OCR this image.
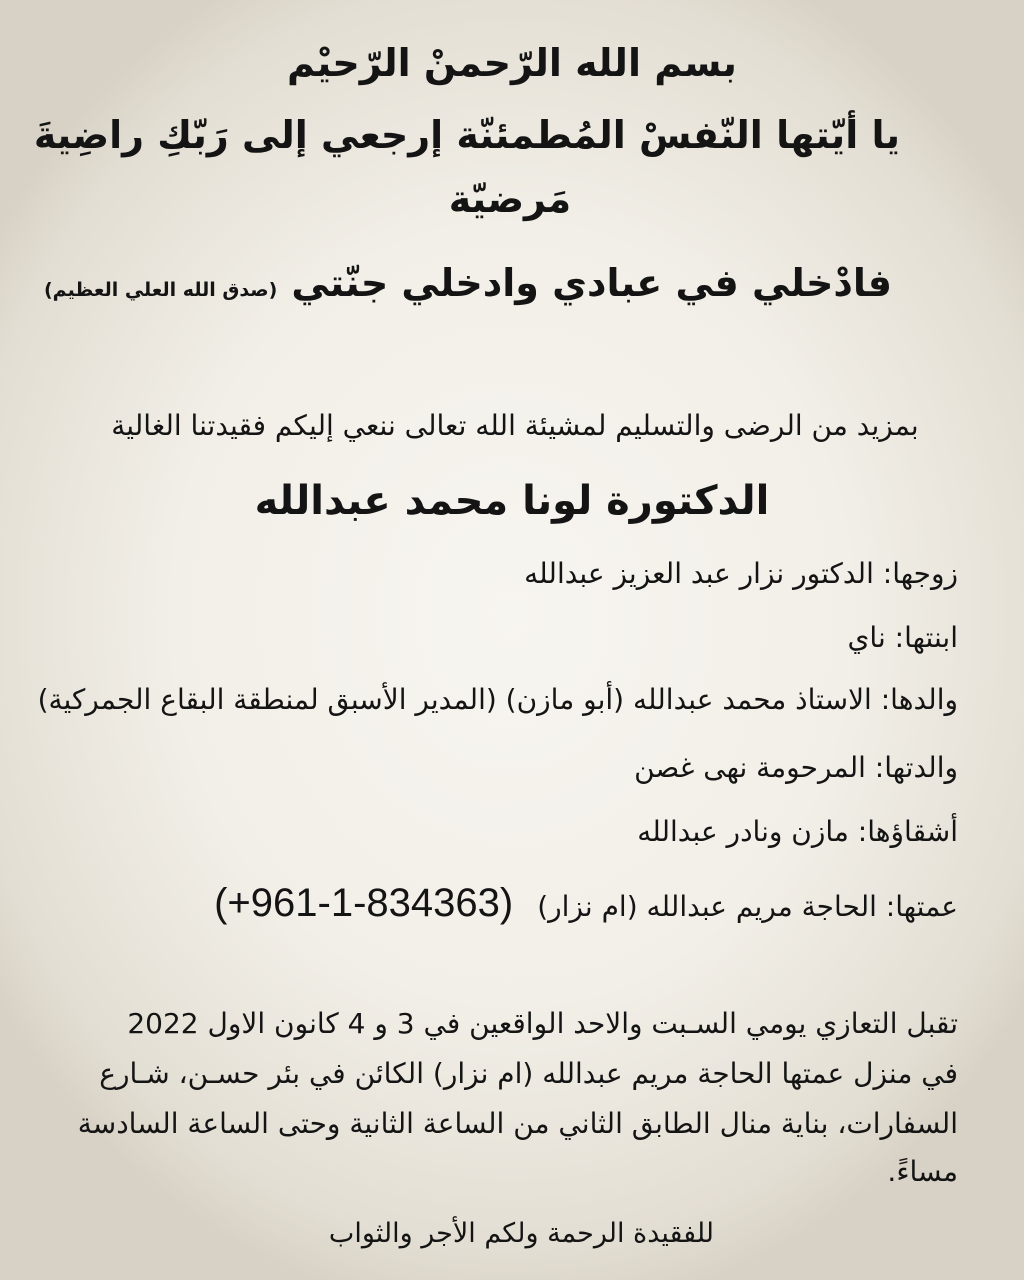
بسم الله الرّحمنْ الرّحيْم

يا أيّتها النّفسْ المُطمئنّة إرجعي إلى رَبّكِ راضِيةَ

مَرضيّة

فادْخلي في عبادي وادخلي جنّتي(صدق الله العلي العظيم)

بمزيد من الرضى والتسليم لمشيئة الله تعالى ننعي إليكم فقيدتنا الغالية

الدكتورة لونا محمد عبدالله

زوجها: الدكتور نزار عبد العزيز عبدالله

ابنتها: ناي

والدها: الاستاذ محمد عبدالله (أبو مازن) (المدير الأسبق لمنطقة البقاع الجمركية)

والدتها: المرحومة نهى غصن

أشقاؤها: مازن ونادر عبدالله

عمتها: الحاجة مريم عبدالله (ام نزار)(+961-1-834363)

تقبل التعازي يومي السـبت والاحد الواقعين في 3 و 4 كانون الاول 2022

في منزل عمتها الحاجة مريم عبدالله (ام نزار) الكائن في بئر حسـن، شـارع

السفارات، بناية منال الطابق الثاني من الساعة الثانية وحتى الساعة السادسة

مساءً.

للفقيدة الرحمة ولكم الأجر والثواب
